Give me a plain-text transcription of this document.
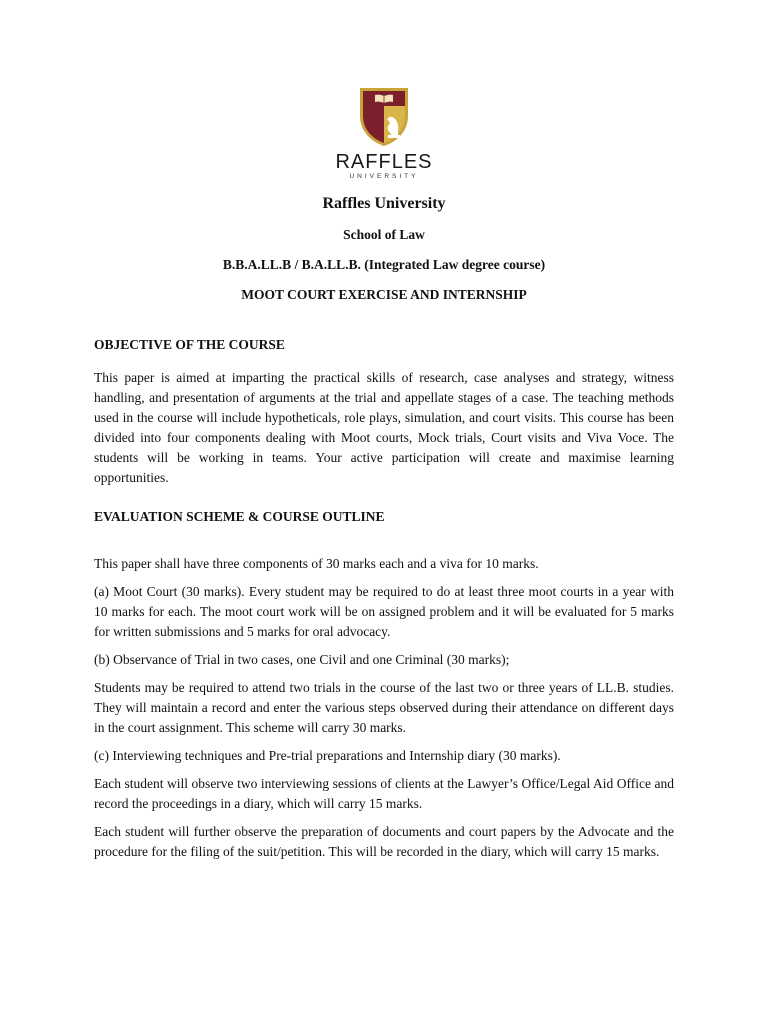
RAFFLES
UNIVERSITY
Raffles University
School of Law
B.B.A.LL.B / B.A.LL.B. (Integrated Law degree course)
MOOT COURT EXERCISE AND INTERNSHIP
OBJECTIVE OF THE COURSE

This paper is aimed at imparting the practical skills of research, case analyses and strategy, witness handling, and presentation of arguments at the trial and appellate stages of a case. The teaching methods used in the course will include hypotheticals, role plays, simulation, and court visits. This course has been divided into four components dealing with Moot courts, Mock trials, Court visits and Viva Voce. The students will be working in teams. Your active participation will create and maximise learning opportunities.

EVALUATION SCHEME & COURSE OUTLINE

This paper shall have three components of 30 marks each and a viva for 10 marks.

(a) Moot Court (30 marks). Every student may be required to do at least three moot courts in a year with 10 marks for each. The moot court work will be on assigned problem and it will be evaluated for 5 marks for written submissions and 5 marks for oral advocacy.

(b) Observance of Trial in two cases, one Civil and one Criminal (30 marks);

Students may be required to attend two trials in the course of the last two or three years of LL.B. studies. They will maintain a record and enter the various steps observed during their attendance on different days in the court assignment. This scheme will carry 30 marks.

(c) Interviewing techniques and Pre-trial preparations and Internship diary (30 marks).

Each student will observe two interviewing sessions of clients at the Lawyer’s Office/Legal Aid Office and record the proceedings in a diary, which will carry 15 marks.

Each student will further observe the preparation of documents and court papers by the Advocate and the procedure for the filing of the suit/petition. This will be recorded in the diary, which will carry 15 marks.
